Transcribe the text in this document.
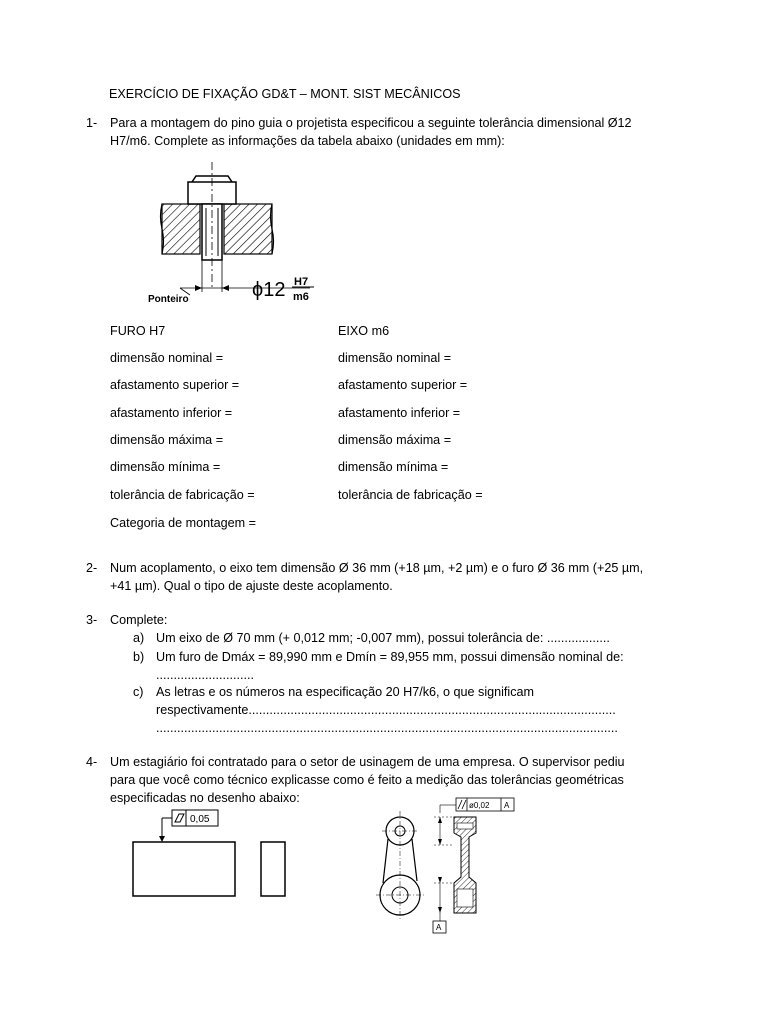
EXERCÍCIO DE FIXAÇÃO GD&T – MONT. SIST MECÂNICOS
1- Para a montagem do pino guia o projetista especificou a seguinte tolerância dimensional Ø12
H7/m6. Complete as informações da tabela abaixo (unidades em mm):
Ponteiro	ϕ12 H7
m6
FURO H7	EIXO m6
dimensão nominal =
afastamento superior =
afastamento inferior =
dimensão máxima =
dimensão mínima =
tolerância de fabricação =
Categoria de montagem =
dimensão nominal =
afastamento superior =
afastamento inferior =
dimensão máxima =
dimensão mínima =
tolerância de fabricação =
2- Num acoplamento, o eixo tem dimensão Ø 36 mm (+18 µm, +2 µm) e o furo Ø 36 mm (+25 µm,
+41 µm). Qual o tipo de ajuste deste acoplamento.
3- Complete:
a) Um eixo de Ø 70 mm (+ 0,012 mm; -0,007 mm), possui tolerância de: ..................
b) Um furo de Dmáx = 89,990 mm e Dmín = 89,955 mm, possui dimensão nominal de:
............................
c) As letras e os números na especificação 20 H7/k6, o que significam
respectivamente.........................................................................................................
....................................................................................................................................
4- Um estagiário foi contratado para o setor de usinagem de uma empresa. O supervisor pediu
para que você como técnico explicasse como é feito a medição das tolerâncias geométricas
especificadas no desenho abaixo:
0,05
ø0,02 A
A
